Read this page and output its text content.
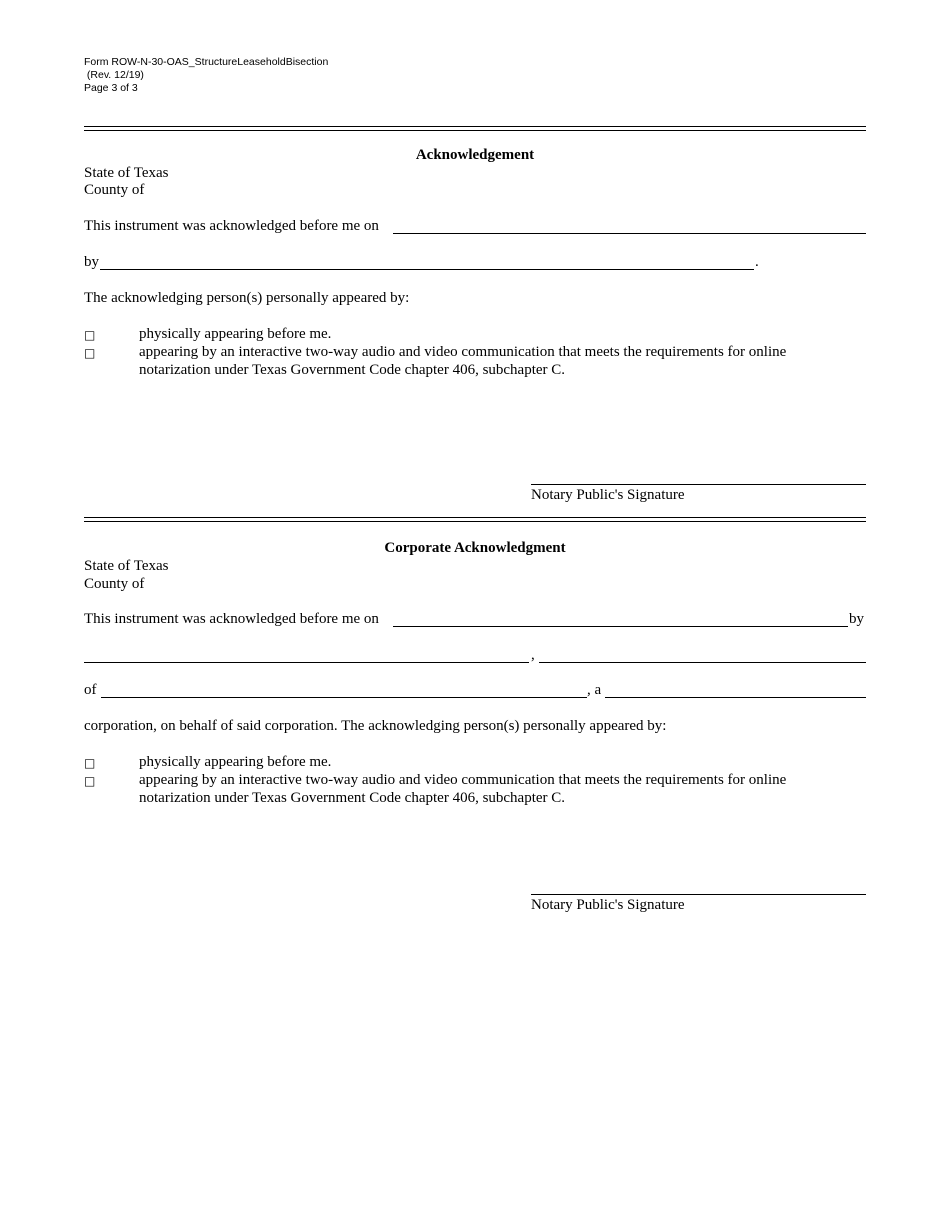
Form ROW-N-30-OAS_StructureLeaseholdBisection
(Rev. 12/19)
Page 3 of 3
Acknowledgement
State of Texas
County of
This instrument was acknowledged before me on
by	.
The acknowledging person(s) personally appeared by:
□	physically appearing before me.
□	appearing by an interactive two-way audio and video communication that meets the requirements for online notarization under Texas Government Code chapter 406, subchapter C.
Notary Public's Signature
Corporate Acknowledgment
State of Texas
County of
This instrument was acknowledged before me on	by
,
of	, a
corporation, on behalf of said corporation. The acknowledging person(s) personally appeared by:
□	physically appearing before me.
□	appearing by an interactive two-way audio and video communication that meets the requirements for online notarization under Texas Government Code chapter 406, subchapter C.
Notary Public's Signature
